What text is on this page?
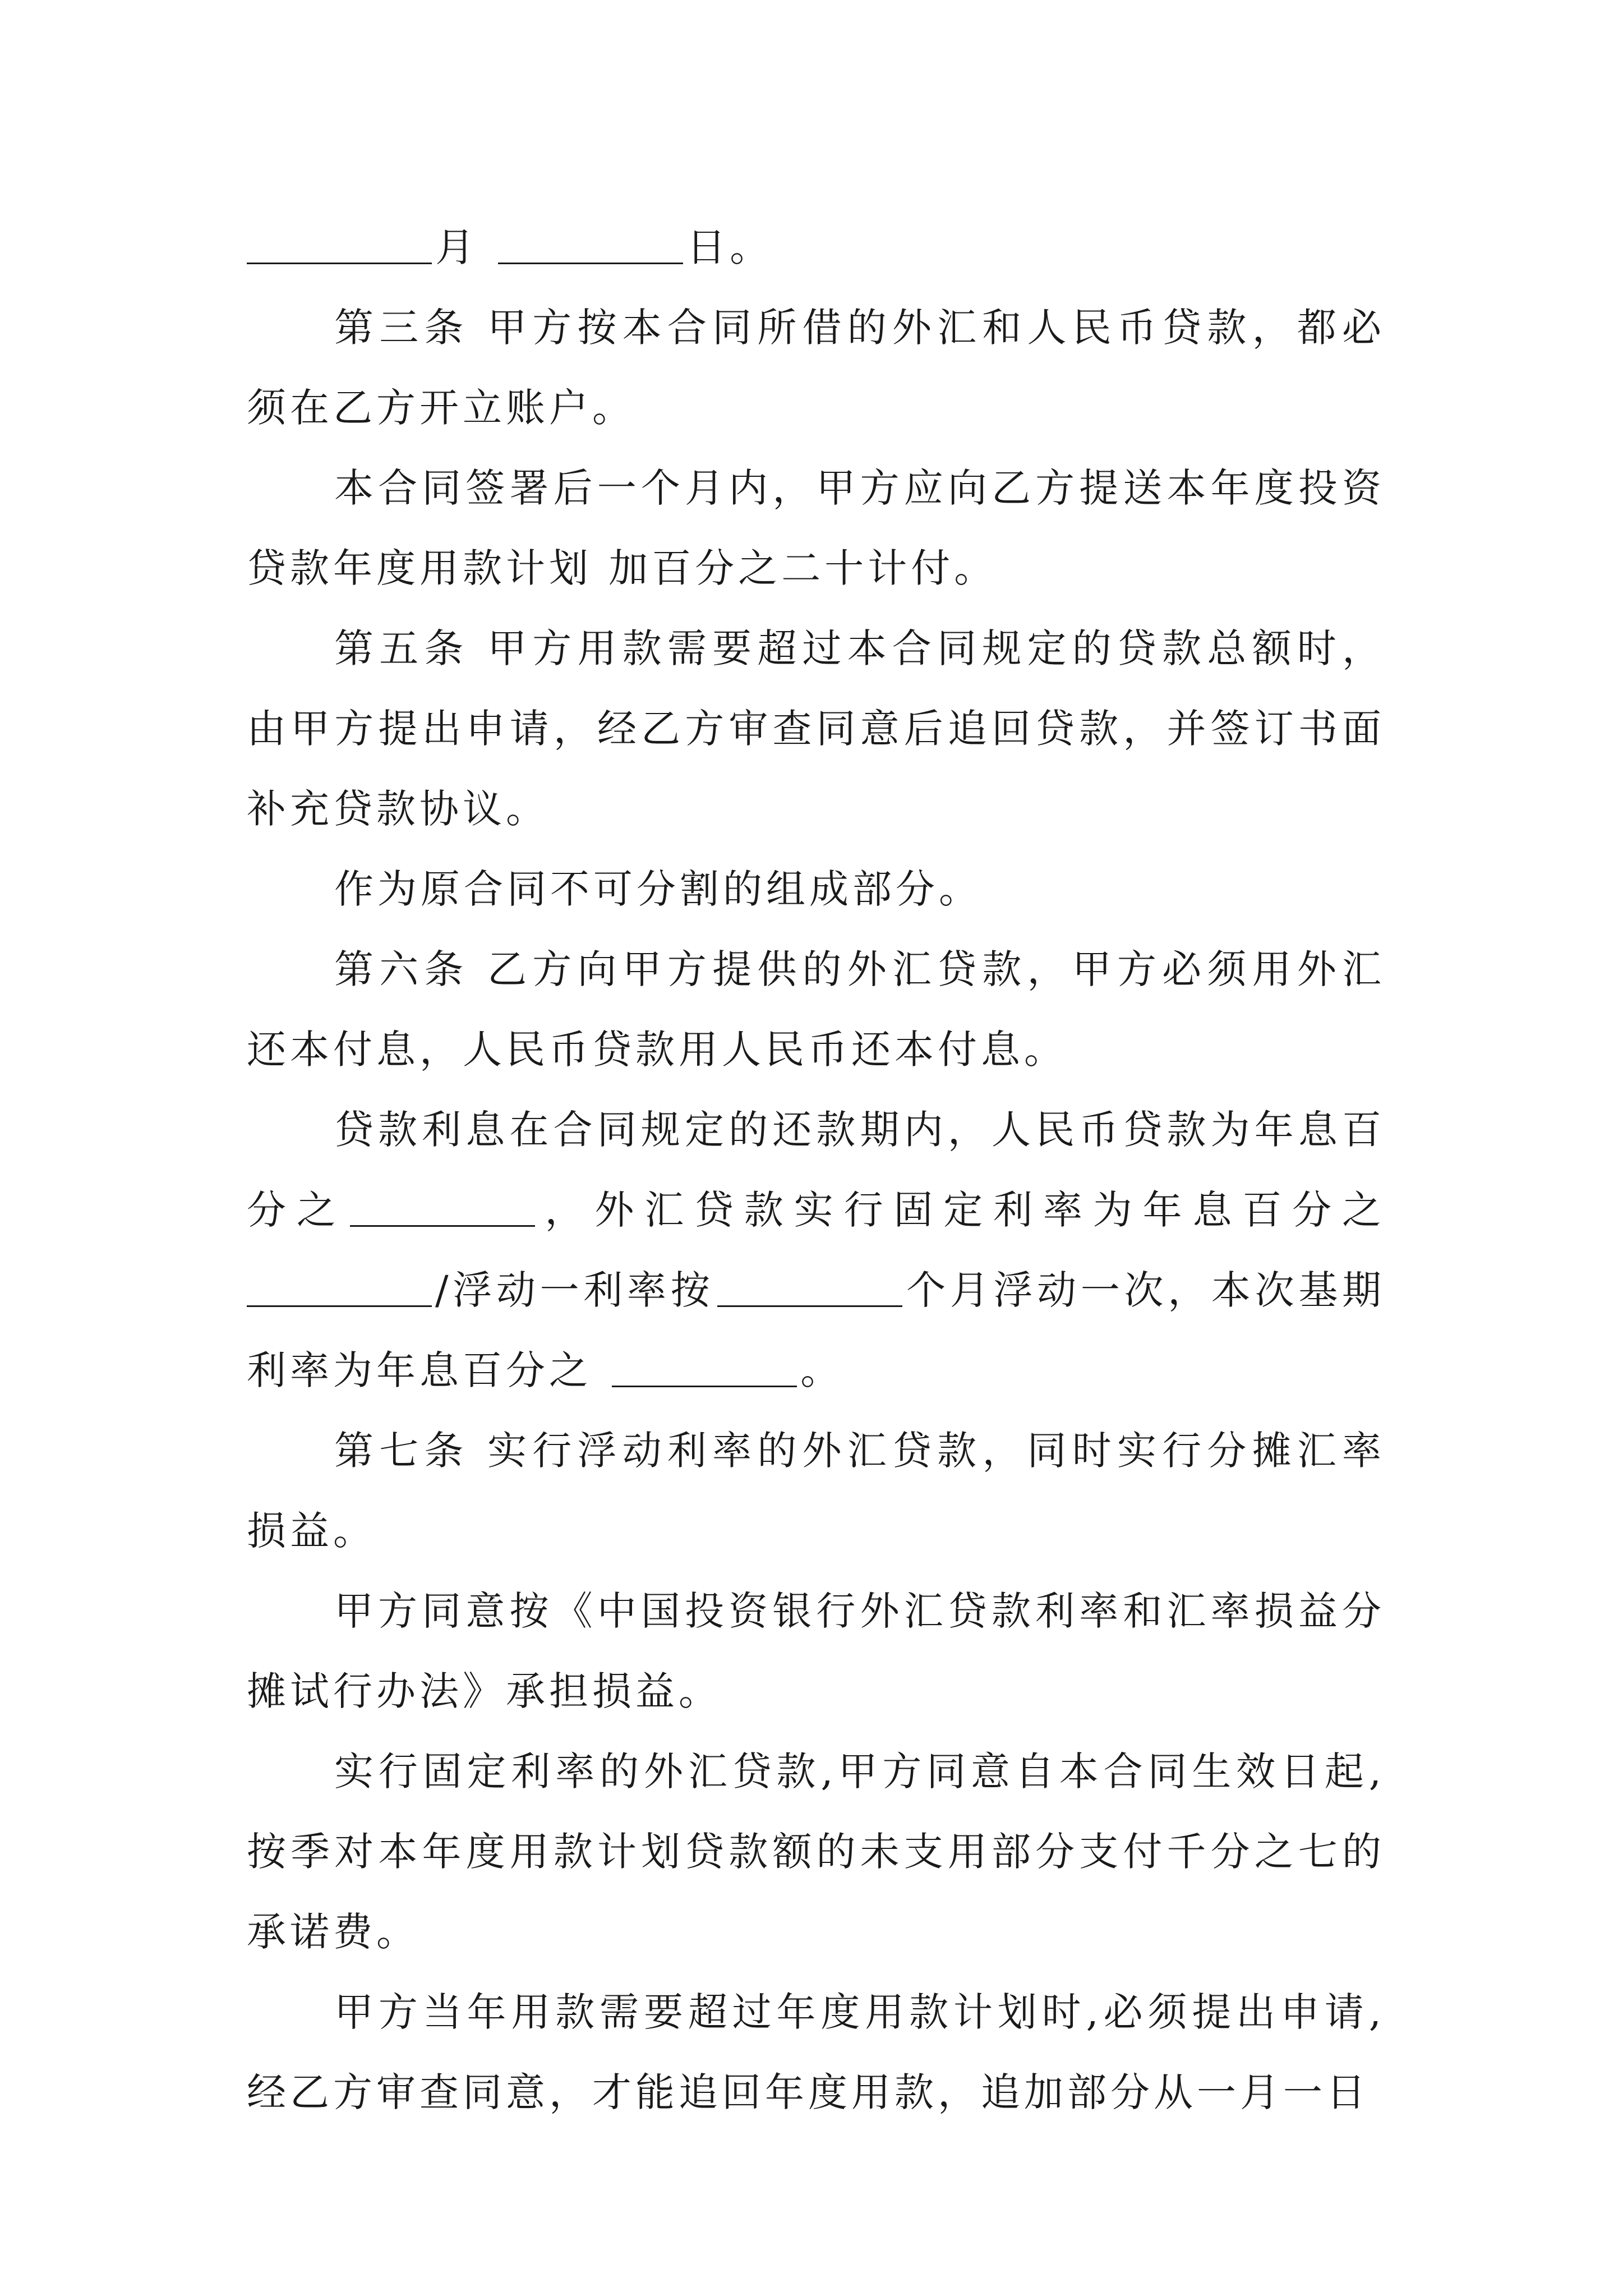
月	日。

第三条 甲方按本合同所借的外汇和人民币贷款，都必须在乙方开立账户。

本合同签署后一个月内，甲方应向乙方提送本年度投资贷款年度用款计划 加百分之二十计付。

第五条 甲方用款需要超过本合同规定的贷款总额时，由甲方提出申请，经乙方审查同意后追回贷款，并签订书面补充贷款协议。

作为原合同不可分割的组成部分。

第六条 乙方向甲方提供的外汇贷款，甲方必须用外汇还本付息，人民币贷款用人民币还本付息。

贷款利息在合同规定的还款期内，人民币贷款为年息百分之	，外汇贷款实行固定利率为年息百分之/浮动一利率按	个月浮动一次，本次基期利率为年息百分之	。

第七条 实行浮动利率的外汇贷款，同时实行分摊汇率损益。

甲方同意按《中国投资银行外汇贷款利率和汇率损益分摊试行办法》承担损益。

实行固定利率的外汇贷款,甲方同意自本合同生效日起,按季对本年度用款计划贷款额的未支用部分支付千分之七的承诺费。

甲方当年用款需要超过年度用款计划时,必须提出申请,经乙方审查同意，才能追回年度用款，追加部分从一月一日
